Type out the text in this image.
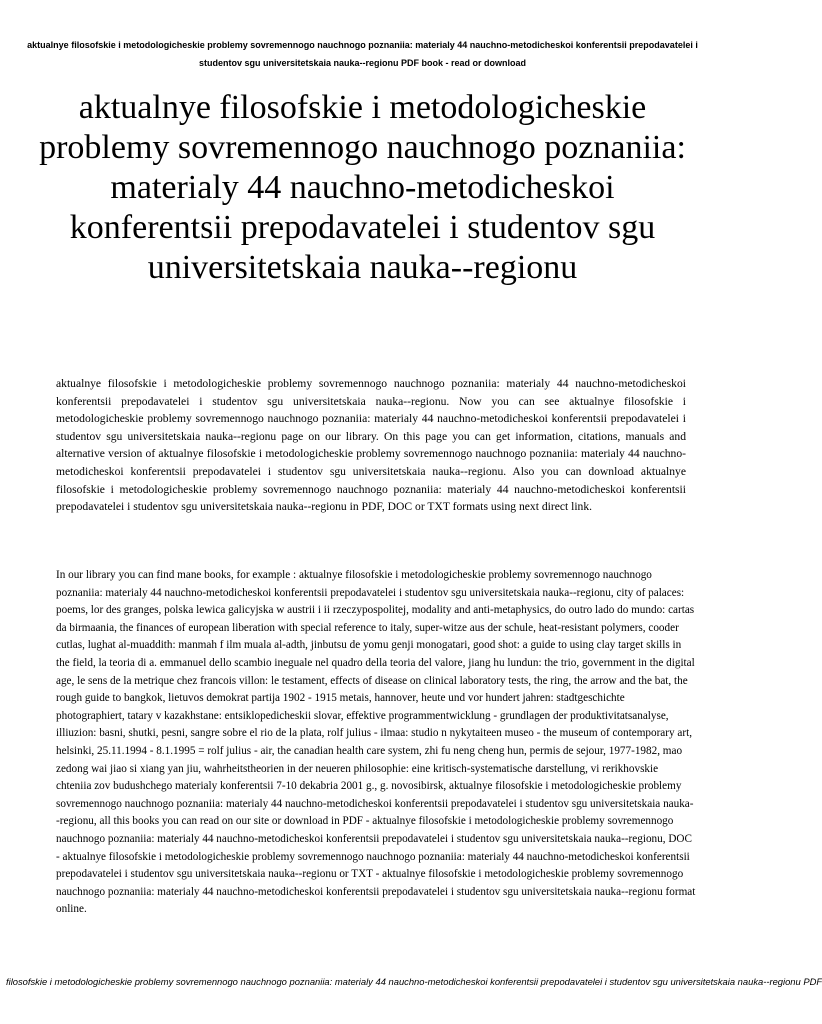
aktualnye filosofskie i metodologicheskie problemy sovremennogo nauchnogo poznaniia: materialy 44 nauchno-metodicheskoi konferentsii prepodavatelei i studentov sgu universitetskaia nauka--regionu PDF book - read or download
aktualnye filosofskie i metodologicheskie problemy sovremennogo nauchnogo poznaniia: materialy 44 nauchno-metodicheskoi konferentsii prepodavatelei i studentov sgu universitetskaia nauka--regionu

aktualnye filosofskie i metodologicheskie problemy sovremennogo nauchnogo poznaniia: materialy 44 nauchno-metodicheskoi konferentsii prepodavatelei i studentov sgu universitetskaia nauka--regionu. Now you can see aktualnye filosofskie i metodologicheskie problemy sovremennogo nauchnogo poznaniia: materialy 44 nauchno-metodicheskoi konferentsii prepodavatelei i studentov sgu universitetskaia nauka--regionu page on our library. On this page you can get information, citations, manuals and alternative version of aktualnye filosofskie i metodologicheskie problemy sovremennogo nauchnogo poznaniia: materialy 44 nauchno-metodicheskoi konferentsii prepodavatelei i studentov sgu universitetskaia nauka--regionu. Also you can download aktualnye filosofskie i metodologicheskie problemy sovremennogo nauchnogo poznaniia: materialy 44 nauchno-metodicheskoi konferentsii prepodavatelei i studentov sgu universitetskaia nauka--regionu in PDF, DOC or TXT formats using next direct link.

In our library you can find mane books, for example : aktualnye filosofskie i metodologicheskie problemy sovremennogo nauchnogo poznaniia: materialy 44 nauchno-metodicheskoi konferentsii prepodavatelei i studentov sgu universitetskaia nauka--regionu, city of palaces: poems, lor des granges, polska lewica galicyjska w austrii i ii rzeczypospolitej, modality and anti-metaphysics, do outro lado do mundo: cartas da birmaania, the finances of european liberation with special reference to italy, super-witze aus der schule, heat-resistant polymers, cooder cutlas, lughat al-muaddith: manmah f ilm muala al-adth, jinbutsu de yomu genji monogatari, good shot: a guide to using clay target skills in the field, la teoria di a. emmanuel dello scambio ineguale nel quadro della teoria del valore, jiang hu lundun: the trio, government in the digital age, le sens de la metrique chez francois villon: le testament, effects of disease on clinical laboratory tests, the ring, the arrow and the bat, the rough guide to bangkok, lietuvos demokrat partija 1902 - 1915 metais, hannover, heute und vor hundert jahren: stadtgeschichte photographiert, tatary v kazakhstane: entsiklopedicheskii slovar, effektive programmentwicklung - grundlagen der produktivitatsanalyse, illiuzion: basni, shutki, pesni, sangre sobre el rio de la plata, rolf julius - ilmaa: studio n nykytaiteen museo - the museum of contemporary art, helsinki, 25.11.1994 - 8.1.1995 = rolf julius - air, the canadian health care system, zhi fu neng cheng hun, permis de sejour, 1977-1982, mao zedong wai jiao si xiang yan jiu, wahrheitstheorien in der neueren philosophie: eine kritisch-systematische darstellung, vi rerikhovskie chteniia zov budushchego materialy konferentsii 7-10 dekabria 2001 g., g. novosibirsk, aktualnye filosofskie i metodologicheskie problemy sovremennogo nauchnogo poznaniia: materialy 44 nauchno-metodicheskoi konferentsii prepodavatelei i studentov sgu universitetskaia nauka--regionu, all this books you can read on our site or download in PDF - aktualnye filosofskie i metodologicheskie problemy sovremennogo nauchnogo poznaniia: materialy 44 nauchno-metodicheskoi konferentsii prepodavatelei i studentov sgu universitetskaia nauka--regionu, DOC - aktualnye filosofskie i metodologicheskie problemy sovremennogo nauchnogo poznaniia: materialy 44 nauchno-metodicheskoi konferentsii prepodavatelei i studentov sgu universitetskaia nauka--regionu or TXT - aktualnye filosofskie i metodologicheskie problemy sovremennogo nauchnogo poznaniia: materialy 44 nauchno-metodicheskoi konferentsii prepodavatelei i studentov sgu universitetskaia nauka--regionu format online.

filosofskie i metodologicheskie problemy sovremennogo nauchnogo poznaniia: materialy 44 nauchno-metodicheskoi konferentsii prepodavatelei i studentov sgu universitetskaia nauka--regionu PDF
